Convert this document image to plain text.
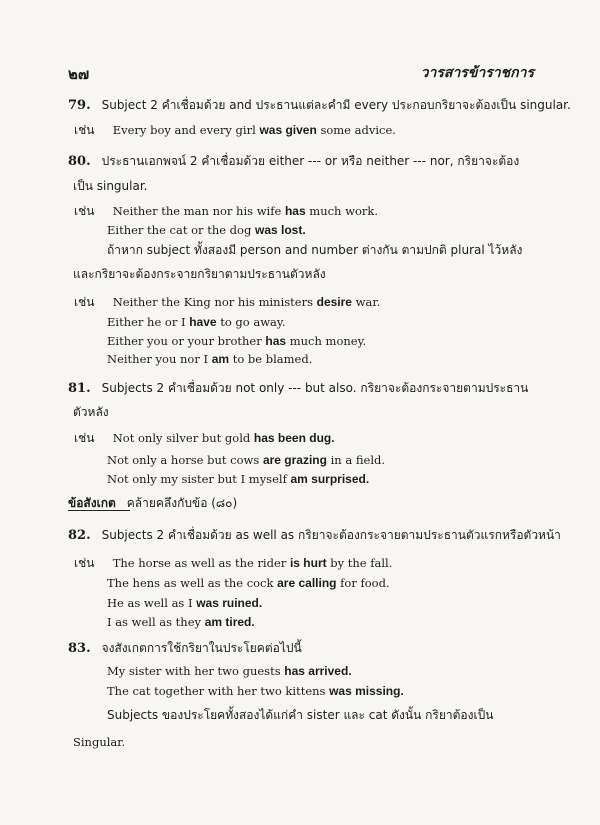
๒๗	วารสารข้าราชการ
79. Subject 2 คำเชื่อมด้วย and ประธานแต่ละคำมี every ประกอบกริยาจะต้องเป็น singular.
เช่น Every boy and every girl was given some advice.
80. ประธานเอกพจน์ 2 คำเชื่อมด้วย either --- or หรือ neither --- nor, กริยาจะต้อง
เป็น singular.
เช่น Neither the man nor his wife has much work.
Either the cat or the dog was lost.
ถ้าหาก subject ทั้งสองมี person and number ต่างกัน ตามปกติ plural ไว้หลัง
และกริยาจะต้องกระจายกริยาตามประธานตัวหลัง
เช่น Neither the King nor his ministers desire war.
Either he or I have to go away.
Either you or your brother has much money.
Neither you nor I am to be blamed.
81. Subjects 2 คำเชื่อมด้วย not only --- but also. กริยาจะต้องกระจายตามประธาน
ตัวหลัง
เช่น Not only silver but gold has been dug.
Not only a horse but cows are grazing in a field.
Not only my sister but I myself am surprised.
ข้อสังเกต คล้ายคลึงกับข้อ (๘๐)
82. Subjects 2 คำเชื่อมด้วย as well as กริยาจะต้องกระจายตามประธานตัวแรกหรือตัวหน้า
เช่น The horse as well as the rider is hurt by the fall.
The hens as well as the cock are calling for food.
He as well as I was ruined.
I as well as they am tired.
83. จงสังเกตการใช้กริยาในประโยคต่อไปนี้
My sister with her two guests has arrived.
The cat together with her two kittens was missing.
Subjects ของประโยคทั้งสองได้แก่คำ sister และ cat ดังนั้น กริยาต้องเป็น
Singular.
